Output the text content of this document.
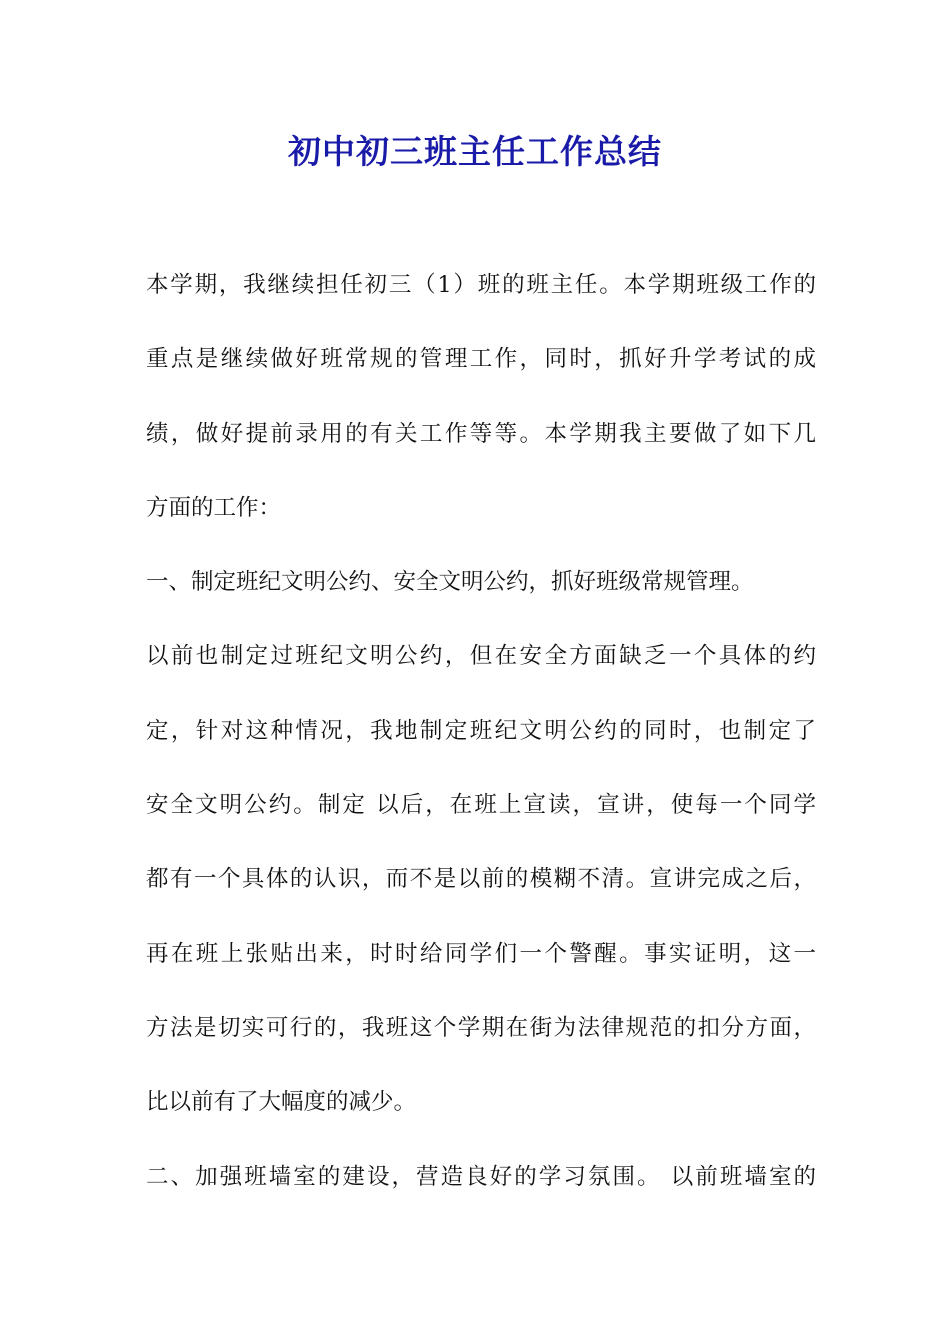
初中初三班主任工作总结
本学期，我继续担任初三（1）班的班主任。本学期班级工作的
重点是继续做好班常规的管理工作，同时，抓好升学考试的成
绩，做好提前录用的有关工作等等。本学期我主要做了如下几
方面的工作：
一、制定班纪文明公约、安全文明公约，抓好班级常规管理。
以前也制定过班纪文明公约，但在安全方面缺乏一个具体的约
定，针对这种情况，我地制定班纪文明公约的同时，也制定了
安全文明公约。制定 以后，在班上宣读，宣讲，使每一个同学
都有一个具体的认识，而不是以前的模糊不清。宣讲完成之后，
再在班上张贴出来，时时给同学们一个警醒。事实证明，这一
方法是切实可行的，我班这个学期在街为法律规范的扣分方面，
比以前有了大幅度的减少。
二、加强班墙室的建设，营造良好的学习氛围。 以前班墙室的
